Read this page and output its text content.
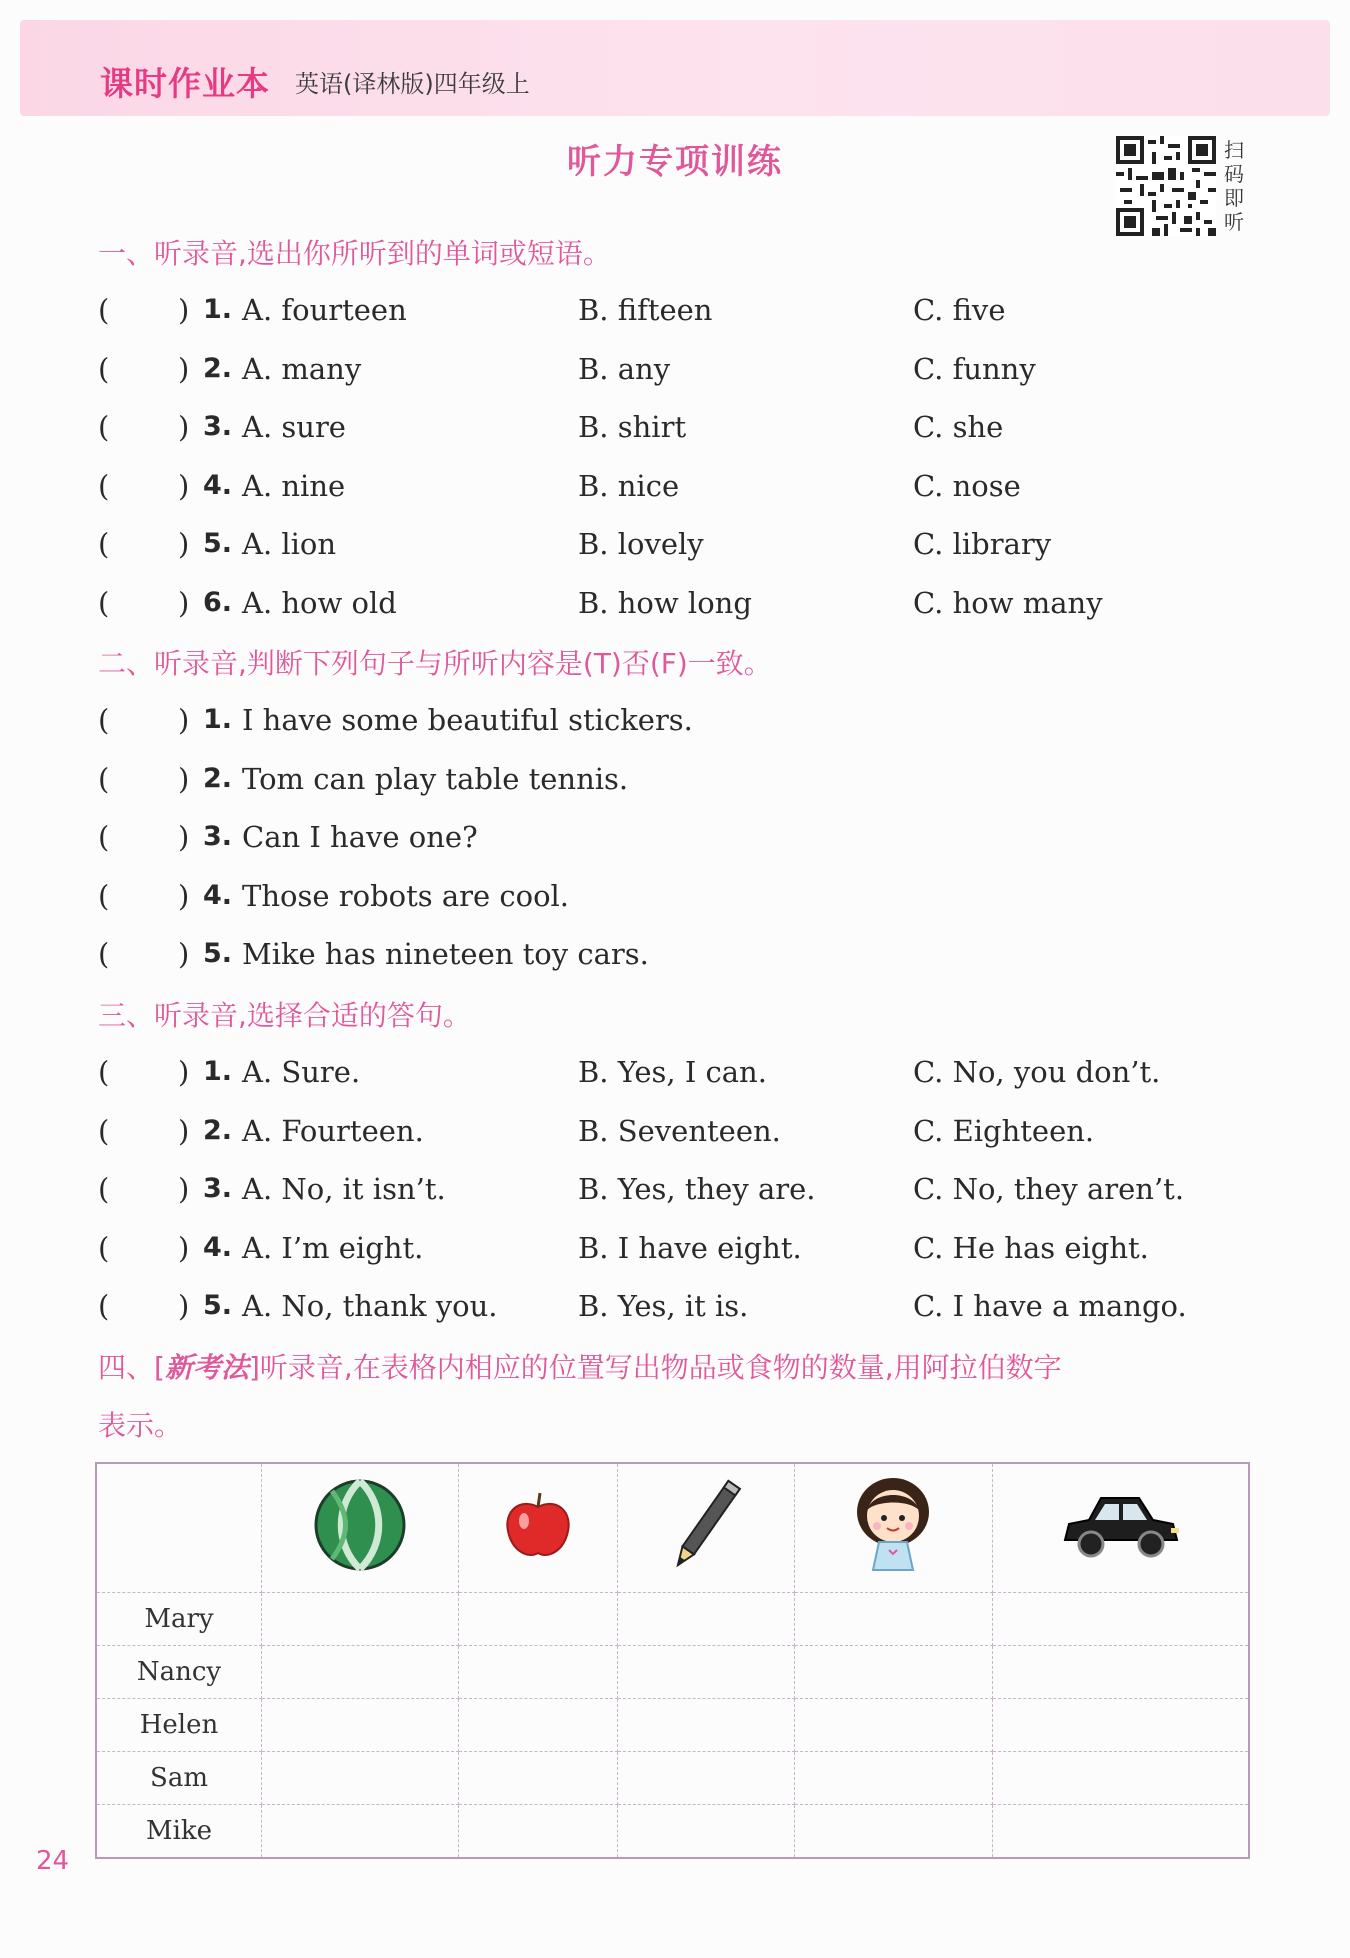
课时作业本 英语(译林版)四年级上
听力专项训练	扫码即听
一、听录音,选出你所听到的单词或短语。
( ) 1. A. fourteen	B. fifteen	C. five
( ) 2. A. many	B. any	C. funny
( ) 3. A. sure	B. shirt	C. she
( ) 4. A. nine	B. nice	C. nose
( ) 5. A. lion	B. lovely	C. library
( ) 6. A. how old	B. how long	C. how many
二、听录音,判断下列句子与所听内容是(T)否(F)一致。
( ) 1. I have some beautiful stickers.
( ) 2. Tom can play table tennis.
( ) 3. Can I have one?
( ) 4. Those robots are cool.
( ) 5. Mike has nineteen toy cars.
三、听录音,选择合适的答句。
( ) 1. A. Sure.	B. Yes, I can.	C. No, you don’t.
( ) 2. A. Fourteen.	B. Seventeen.	C. Eighteen.
( ) 3. A. No, it isn’t.	B. Yes, they are.	C. No, they aren’t.
( ) 4. A. I’m eight.	B. I have eight.	C. He has eight.
( ) 5. A. No, thank you.	B. Yes, it is.	C. I have a mango.
四、[新考法]听录音,在表格内相应的位置写出物品或食物的数量,用阿拉伯数字
表示。

Mary					
Nancy					
Helen					
Sam					
Mike					
24
